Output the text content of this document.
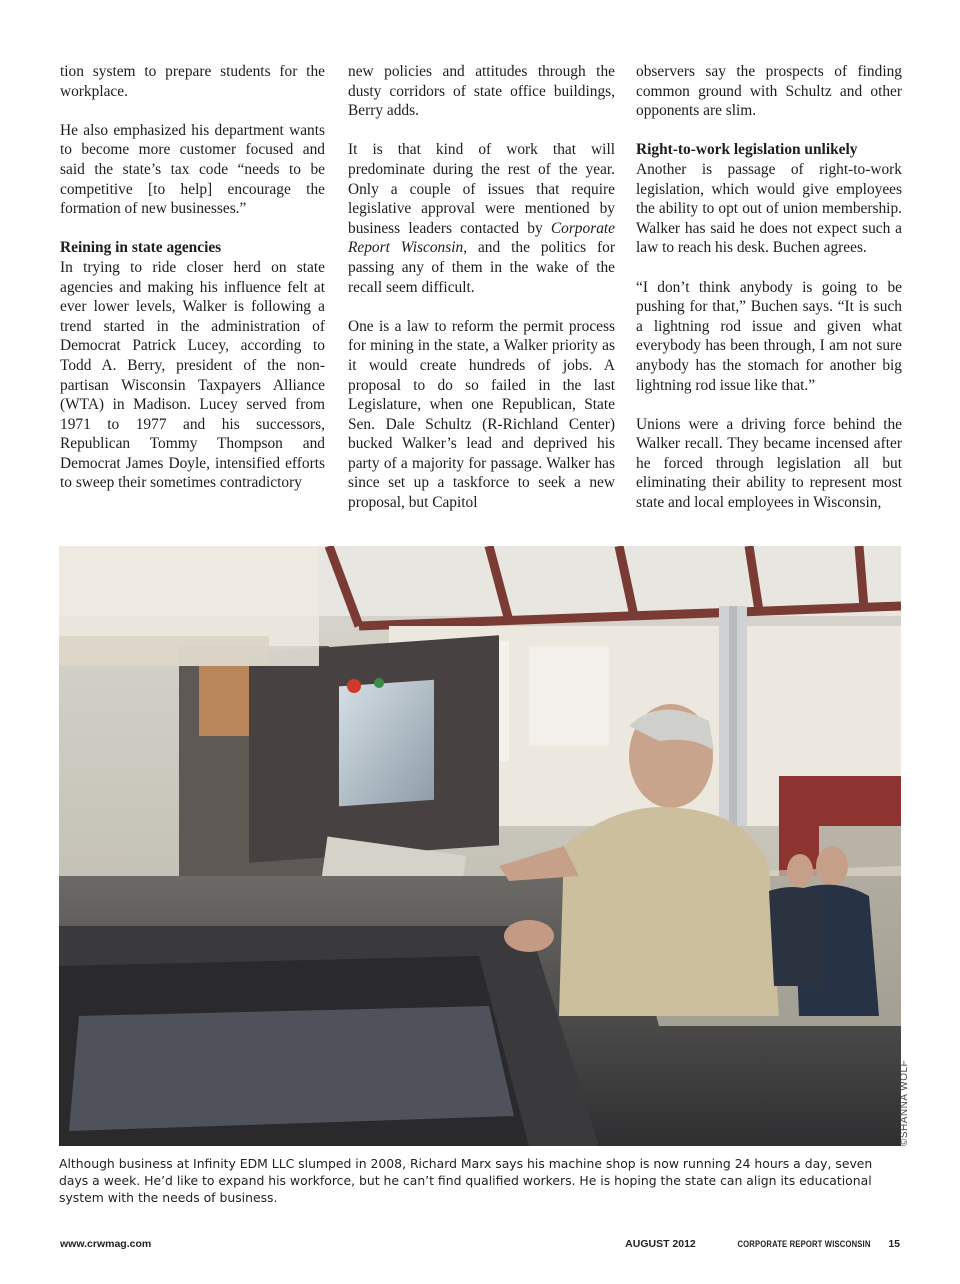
tion system to prepare students for the workplace.

He also emphasized his department wants to become more customer focused and said the state’s tax code “needs to be competitive [to help] encourage the formation of new businesses.”

Reining in state agencies

In trying to ride closer herd on state agencies and making his influence felt at ever lower levels, Walker is following a trend started in the administration of Democrat Patrick Lucey, according to Todd A. Berry, president of the non-partisan Wisconsin Taxpayers Alliance (WTA) in Madison. Lucey served from 1971 to 1977 and his successors, Republican Tommy Thompson and Democrat James Doyle, intensified efforts to sweep their sometimes contradictory

new policies and attitudes through the dusty corridors of state office buildings, Berry adds.

It is that kind of work that will predominate during the rest of the year. Only a couple of issues that require legislative approval were mentioned by business leaders contacted by Corporate Report Wisconsin, and the politics for passing any of them in the wake of the recall seem difficult.

One is a law to reform the permit process for mining in the state, a Walker priority as it would create hundreds of jobs. A proposal to do so failed in the last Legislature, when one Republican, State Sen. Dale Schultz (R-Richland Center) bucked Walker’s lead and deprived his party of a majority for passage. Walker has since set up a taskforce to seek a new proposal, but Capitol

observers say the prospects of finding common ground with Schultz and other opponents are slim.

Right-to-work legislation unlikely

Another is passage of right-to-work legislation, which would give employees the ability to opt out of union membership. Walker has said he does not expect such a law to reach his desk. Buchen agrees.

“I don’t think anybody is going to be pushing for that,” Buchen says. “It is such a lightning rod issue and given what everybody has been through, I am not sure anybody has the stomach for another big lightning rod issue like that.”

Unions were a driving force behind the Walker recall. They became incensed after he forced through legislation all but eliminating their ability to represent most state and local employees in Wisconsin,

©SHANNA WOLF
Although business at Infinity EDM LLC slumped in 2008, Richard Marx says his machine shop is now running 24 hours a day, seven days a week. He’d like to expand his workforce, but he can’t find qualified workers. He is hoping the state can align its educational system with the needs of business.
www.crwmag.com	AUGUST 2012	CORPORATE REPORT WISCONSIN 15
